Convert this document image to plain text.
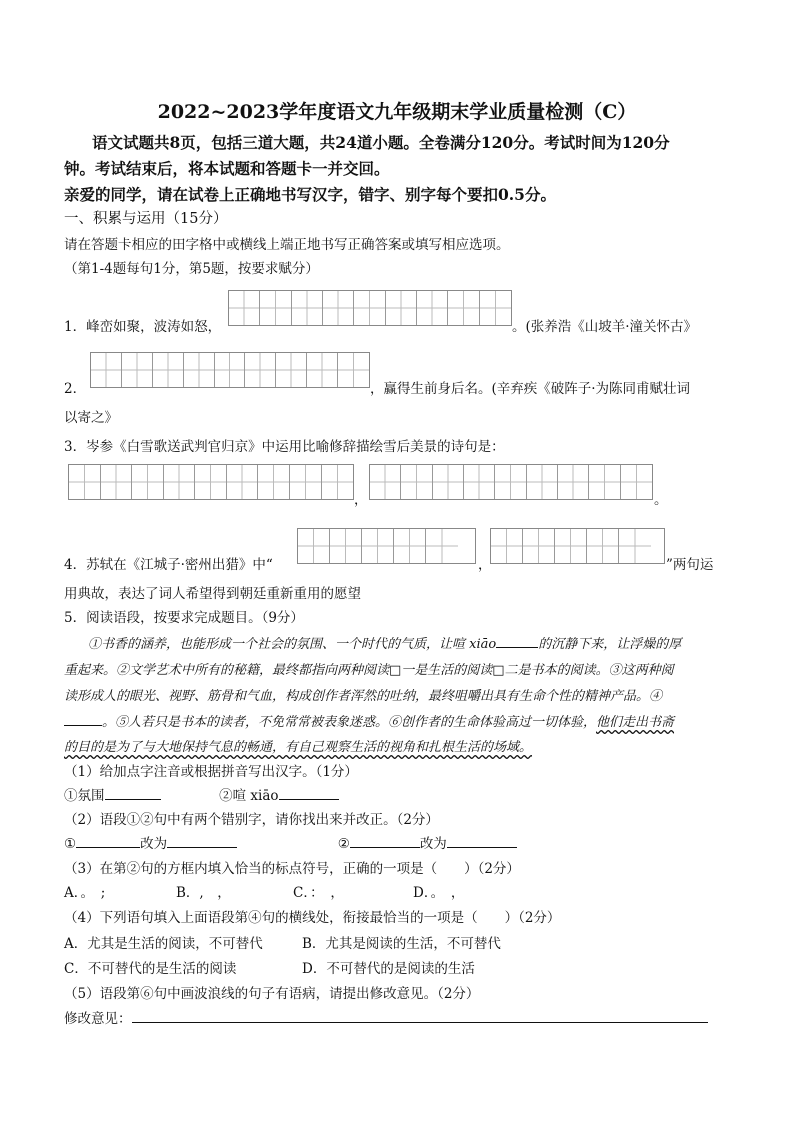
2022~2023学年度语文九年级期末学业质量检测（C）
语文试题共8页，包括三道大题，共24道小题。全卷满分120分。考试时间为120分
钟。考试结束后，将本试题和答题卡一并交回。
亲爱的同学，请在试卷上正确地书写汉字，错字、别字每个要扣0.5分。
一、积累与运用（15分）
请在答题卡相应的田字格中或横线上端正地书写正确答案或填写相应选项。
（第1-4题每句1分，第5题，按要求赋分）
1．峰峦如聚，波涛如怒，	。(张养浩《山坡羊·潼关怀古》
2．	，赢得生前身后名。(辛弃疾《破阵子·为陈同甫赋壮词
以寄之》
3．岑参《白雪歌送武判官归京》中运用比喻修辞描绘雪后美景的诗句是：
，	。
4．苏轼在《江城子·密州出猎》中“	，	”两句运
用典故，表达了词人希望得到朝廷重新重用的愿望
5．阅读语段，按要求完成题目。（9分）
①书香的涵养，也能形成一个社会的氛围、一个时代的气质，让喧 xiāo	的沉静下来，让浮燥的厚
重起来。②文学艺术中所有的秘籍，最终都指向两种阅读□一是生活的阅读□二是书本的阅读。③这两种阅
读形成人的眼光、视野、筋骨和气血，构成创作者浑然的吐纳，最终咀嚼出具有生命个性的精神产品。④
。⑤人若只是书本的读者，不免常常被表象迷惑。⑥创作者的生命体验高过一切体验，他们走出书斋
的目的是为了与大地保持气息的畅通，有自己观察生活的视角和扎根生活的场域。
（1）给加点字注音或根据拼音写出汉字。（1分）
①氛围	②喧 xiāo
（2）语段①②句中有两个错别字，请你找出来并改正。（2分）
①	改为	②	改为
（3）在第②句的方框内填入恰当的标点符号，正确的一项是（　　）（2分）
A．。　;	B．,　，	C．：　，	D．。　，
（4）下列语句填入上面语段第④句的横线处，衔接最恰当的一项是（　　）（2分）
A．尤其是生活的阅读，不可替代	B．尤其是阅读的生活，不可替代
C．不可替代的是生活的阅读	D．不可替代的是阅读的生活
（5）语段第⑥句中画波浪线的句子有语病，请提出修改意见。（2分）
修改意见：
